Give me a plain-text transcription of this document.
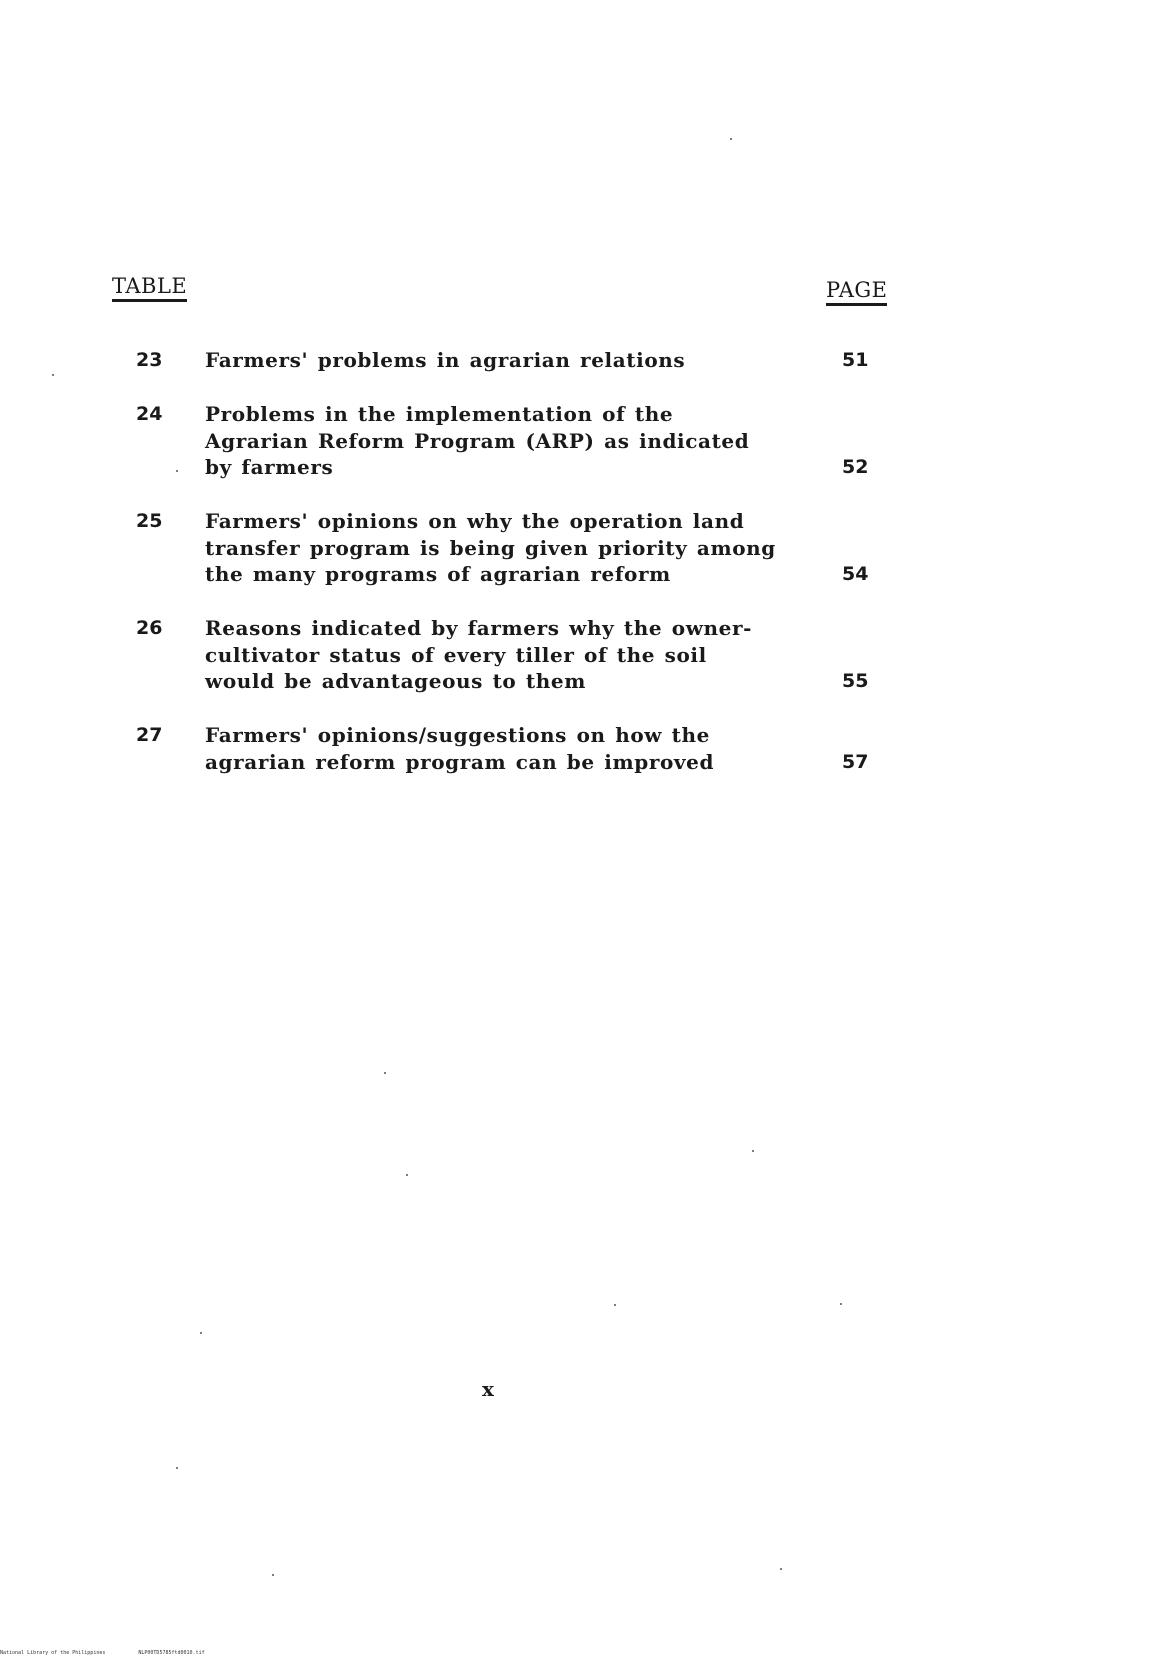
TABLE	PAGE
23 Farmers' problems in agrarian relations	51
24 Problems in the implementation of the
Agrarian Reform Program (ARP) as indicated
by farmers	52
25 Farmers' opinions on why the operation land
transfer program is being given priority among
the many programs of agrarian reform	54
26 Reasons indicated by farmers why the owner-
cultivator status of every tiller of the soil
would be advantageous to them	55
27 Farmers' opinions/suggestions on how the
agrarian reform program can be improved	57
x
National Library of the Philippines	NLP00TD5785ftd0010.tif
